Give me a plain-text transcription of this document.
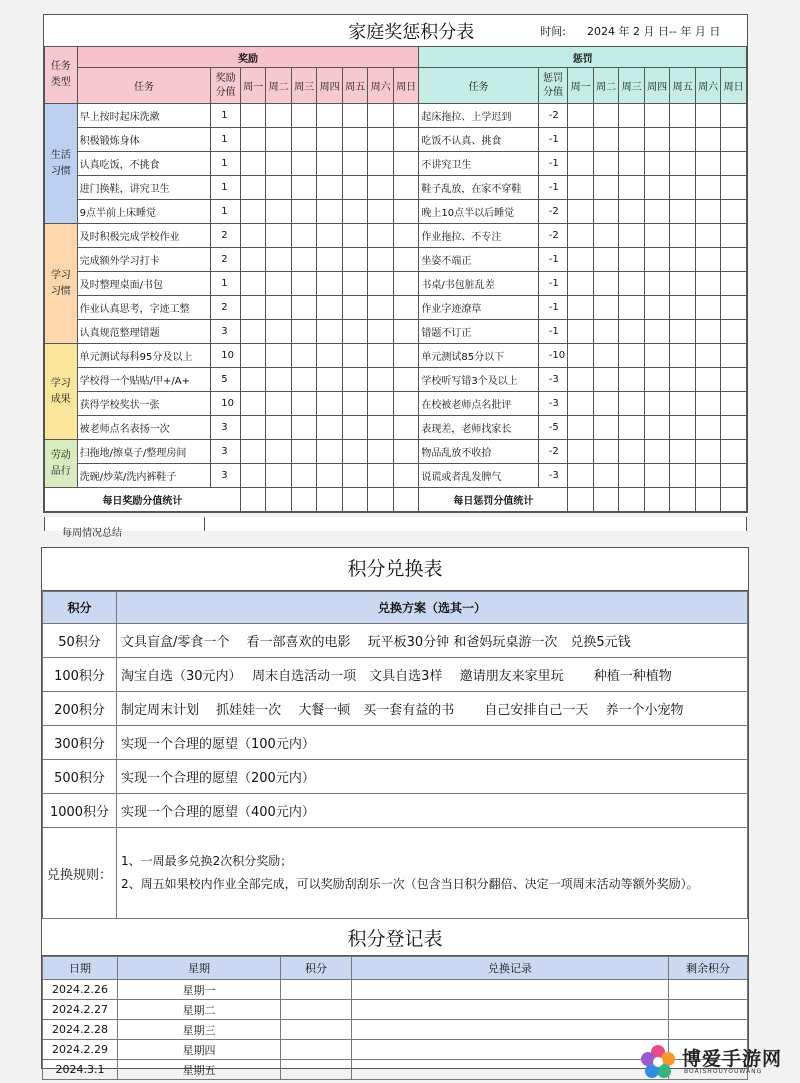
家庭奖惩积分表											时间: 2024 年 2 月 日-- 年 月 日							
任务类型	奖励									惩罚								
	任务	奖励分值	周一	周二	周三	周四	周五	周六	周日	任务	惩罚分值	周一	周二	周三	周四	周五	周六	周日
生活习惯	早上按时起床洗漱	1								起床拖拉、上学迟到	-2							
	积极锻炼身体	1								吃饭不认真、挑食	-1							
	认真吃饭，不挑食	1								不讲究卫生	-1							
	进门换鞋，讲究卫生	1								鞋子乱放，在家不穿鞋	-1							
	9点半前上床睡觉	1								晚上10点半以后睡觉	-2							
学习习惯	及时积极完成学校作业	2								作业拖拉、不专注	-2							
	完成额外学习打卡	2								坐姿不端正	-1							
	及时整理桌面/书包	1								书桌/书包脏乱差	-1							
	作业认真思考，字迹工整	2								作业字迹潦草	-1							
	认真规范整理错题	3								错题不订正	-1							
学习成果	单元测试每科95分及以上	10								单元测试85分以下	-10							
	学校得一个贴贴/甲+/A+	5								学校听写错3个及以上	-3							
	获得学校奖状一张	10								在校被老师点名批评	-3							
	被老师点名表扬一次	3								表现差，老师找家长	-5							
劳动品行	扫拖地/擦桌子/整理房间	3								物品乱放不收拾	-2							
	洗碗/炒菜/洗内裤鞋子	3								说谎或者乱发脾气	-3							
每日奖励分值统计										每日惩罚分值统计								
每周情况总结
积分兑换表
积分	兑换方案（选其一）
50积分	文具盲盒/零食一个　 看一部喜欢的电影　 玩平板30分钟 和爸妈玩桌游一次　兑换5元钱
100积分	淘宝自选（30元内）　 周末自选活动一项　文具自选3样　 邀请朋友来家里玩　　 种植一种植物
200积分	制定周末计划　 抓娃娃一次　 大餐一顿　买一套有益的书　　 自己安排自己一天　 养一个小宠物
300积分	实现一个合理的愿望（100元内）
500积分	实现一个合理的愿望（200元内）
1000积分	实现一个合理的愿望（400元内）
兑换规则：	1、一周最多兑换2次积分奖励；
2、周五如果校内作业全部完成，可以奖励刮刮乐一次（包含当日积分翻倍、决定一项周末活动等额外奖励）。
积分登记表
日期	星期	积分	兑换记录	剩余积分
2024.2.26	星期一			
2024.2.27	星期二			
2024.2.28	星期三			
2024.2.29	星期四			
2024.3.1	星期五				博爱手游网
BOAISHOUYOUWANG
